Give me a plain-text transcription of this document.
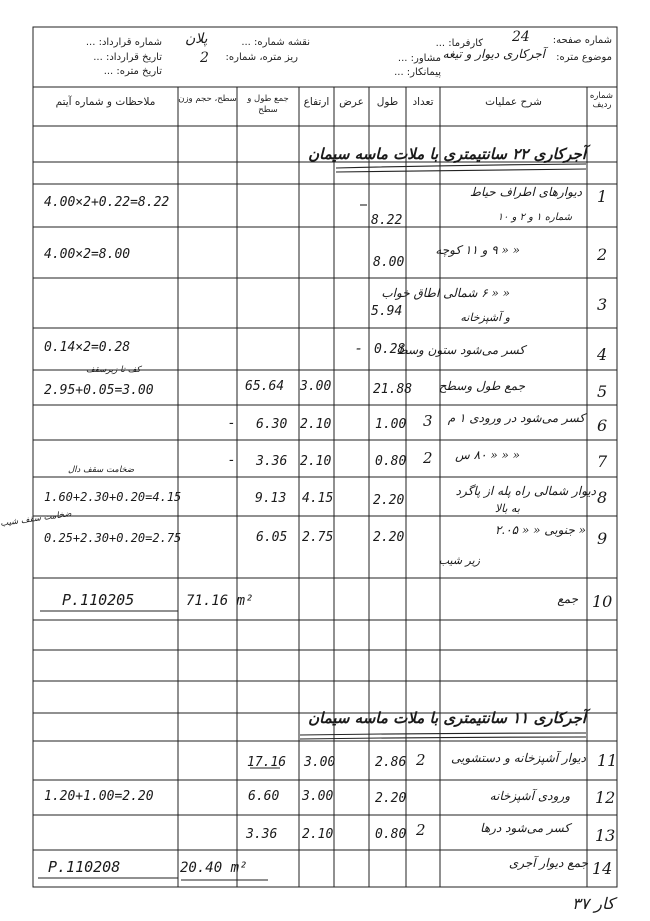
شماره صفحه:
24
کارفرما: ...
نقشه شماره: ...
پلان
شماره قرارداد: ...
موضوع متره:
آجرکاری دیوار و تیغه
مشاور: ...
ریز متره، شماره:
2
تاریخ قرارداد: ...
پیمانکار: ...
تاریخ متره: ...
شماره ردیف
شرح عملیات
تعداد
طول
عرض
ارتفاع
جمع طول و سطح
سطح، حجم وزن
ملاحظات و شماره آیتم
آجرکاری ۲۲ سانتیمتری با ملات ماسه سیمان
آجرکاری ۱۱ سانتیمتری با ملات ماسه سیمان
1
دیوارهای اطراف حیاط
شماره ۱ و ۲ و ۱۰
8.22
4.00×2+0.22=8.22
2
« « ۹ و ۱۱ کوچه
8.00
4.00×2=8.00
3
« « ۶ شمالی اطاق خواب
و آشپزخانه
5.94
4
کسر می‌شود ستون وسط
- 0.28
0.14×2=0.28
5
جمع طول وسطح
21.88
3.00
65.64
کف تا زیرسقف
2.95+0.05=3.00
6
کسر می‌شود در ورودی ۱ م
3
1.00
2.10
- 6.30
7
« « « ۸۰ س
2
0.80
2.10
- 3.36
8
دیوار شمالی راه پله از پاگرد
به بالا
2.20
4.15
9.13
ضخامت سقف دال
1.60+2.30+0.20=4.15
9
« جنوبی « « ۲.۰۵
زیر شیب
2.20
2.75
6.05
ضخامت سقف شیب
0.25+2.30+0.20=2.75
10
جمع
71.16 m²
P.110205
11
دیوار آشپزخانه و دستشویی
2
2.86
3.00
17.16
12
ورودی آشپزخانه
2.20
3.00
6.60
1.20+1.00=2.20
13
کسر می‌شود درها
2
0.80
2.10
3.36
14
جمع دیوار آجری
20.40 m²
P.110208
۳۷ کار
